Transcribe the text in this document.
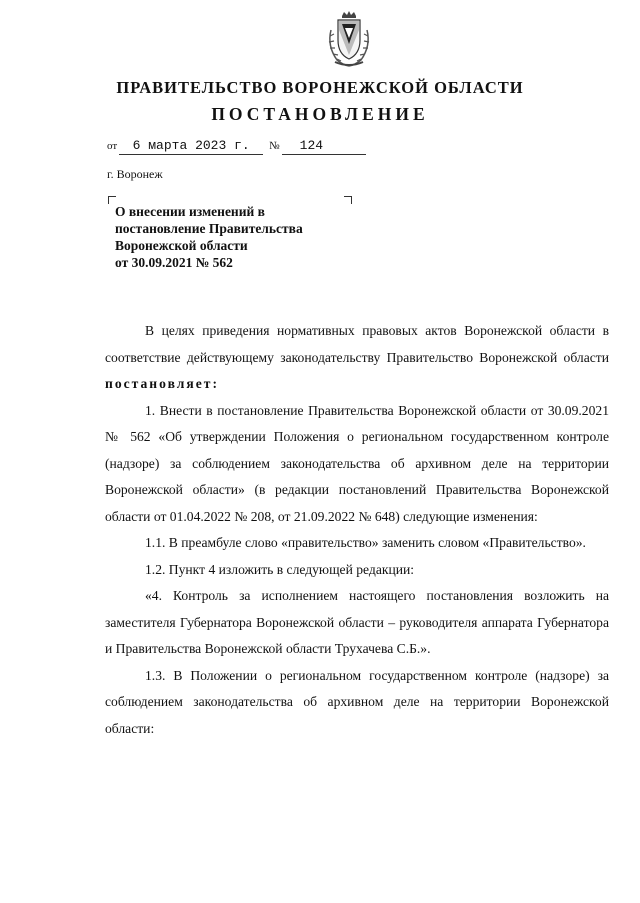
ПРАВИТЕЛЬСТВО ВОРОНЕЖСКОЙ ОБЛАСТИ
ПОСТАНОВЛЕНИЕ
от 6 марта 2023 г. № 124
г. Воронеж
О внесении изменений в
постановление Правительства
Воронежской области
от 30.09.2021 № 562

В целях приведения нормативных правовых актов Воронежской области в соответствие действующему законодательству Правительство Воронежской области постановляет:

1. Внести в постановление Правительства Воронежской области от 30.09.2021 № 562 «Об утверждении Положения о региональном государственном контроле (надзоре) за соблюдением законодательства об архивном деле на территории Воронежской области» (в редакции постановлений Правительства Воронежской области от 01.04.2022 № 208, от 21.09.2022 № 648) следующие изменения:

1.1. В преамбуле слово «правительство» заменить словом «Правительство».

1.2. Пункт 4 изложить в следующей редакции:

«4. Контроль за исполнением настоящего постановления возложить на заместителя Губернатора Воронежской области – руководителя аппарата Губернатора и Правительства Воронежской области Трухачева С.Б.».

1.3. В Положении о региональном государственном контроле (надзоре) за соблюдением законодательства об архивном деле на территории Воронежской области:
